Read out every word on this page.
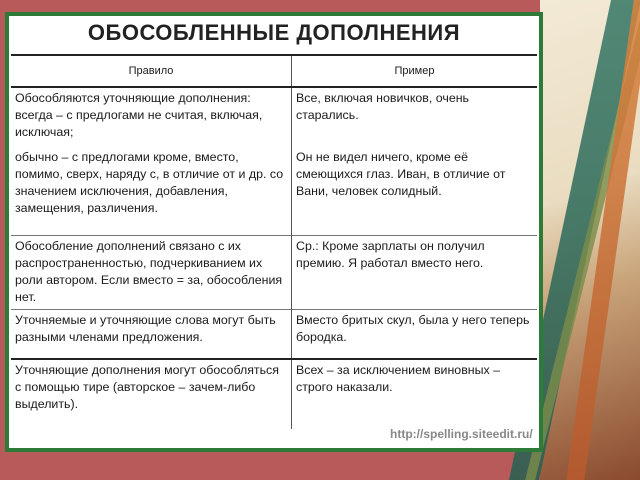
ОБОСОБЛЕННЫЕ ДОПОЛНЕНИЯ
Правило	Пример
Обособляются уточняющие дополнения: всегда – с предлогами не считая, включая, исключая;	Все, включая новичков, очень старались.
обычно – с предлогами кроме, вместо, помимо, сверх, наряду с, в отличие от и др. со значением исключения, добавления, замещения, различения.	Он не видел ничего, кроме её смеющихся глаз. Иван, в отличие от Вани, человек солидный.
Обособление дополнений связано с их распространенностью, подчеркиванием их роли автором. Если вместо = за, обособления нет.	Ср.: Кроме зарплаты он получил премию. Я работал вместо него.
Уточняемые и уточняющие слова могут быть разными членами предложения.	Вместо бритых скул, была у него теперь бородка.
Уточняющие дополнения могут обособляться с помощью тире (авторское – зачем-либо выделить).	Всех – за исключением виновных – строго наказали.
http://spelling.siteedit.ru/
